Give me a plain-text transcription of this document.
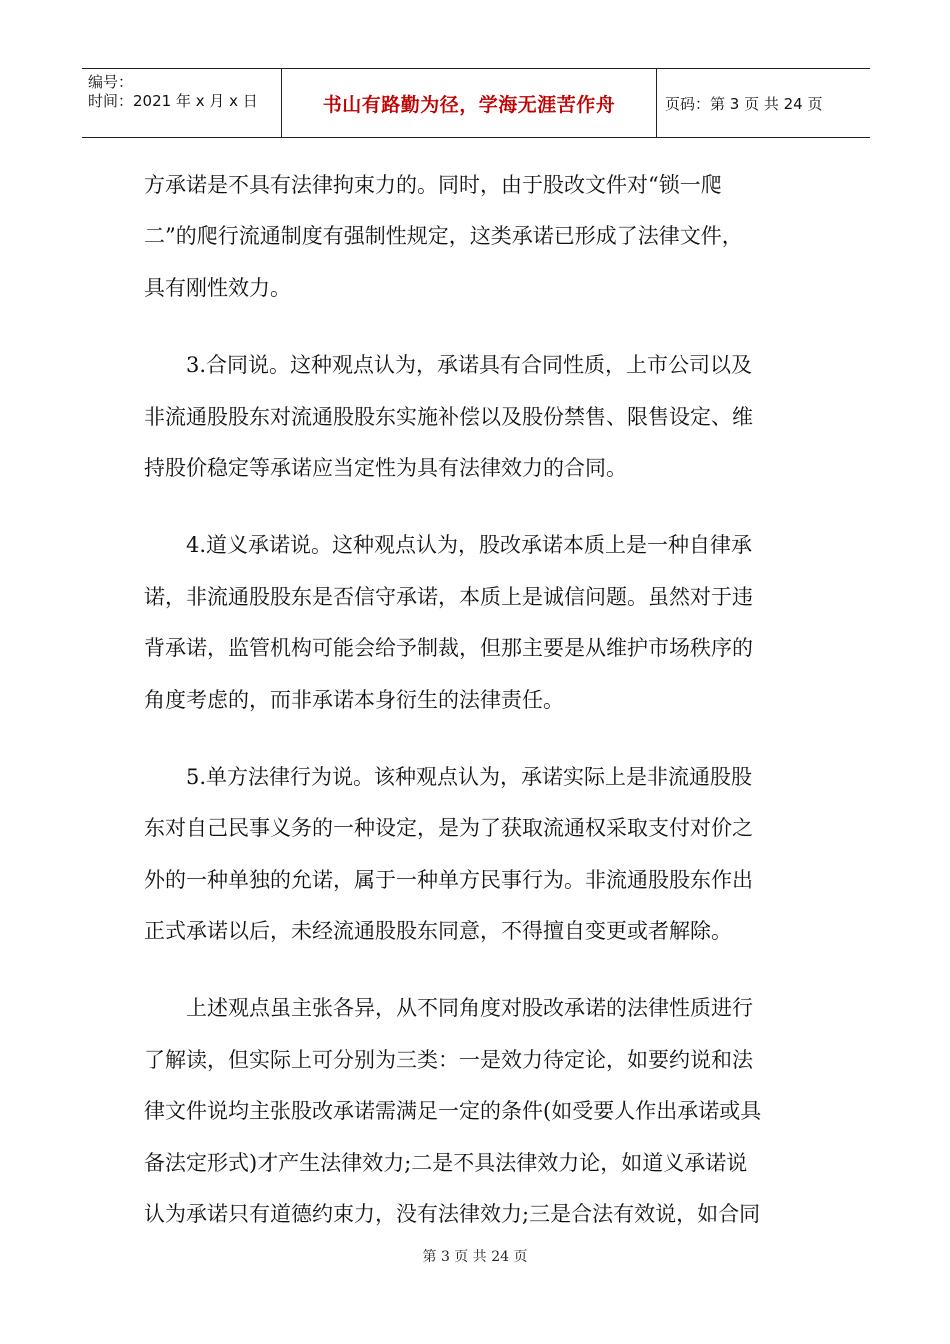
编号：
时间：2021 年 x 月 x 日	书山有路勤为径，学海无涯苦作舟	页码：第 3 页 共 24 页
方承诺是不具有法律拘束力的。同时，由于股改文件对“锁一爬
二”的爬行流通制度有强制性规定，这类承诺已形成了法律文件，
具有刚性效力。
3.合同说。这种观点认为，承诺具有合同性质，上市公司以及
非流通股股东对流通股股东实施补偿以及股份禁售、限售设定、维
持股价稳定等承诺应当定性为具有法律效力的合同。
4.道义承诺说。这种观点认为，股改承诺本质上是一种自律承
诺，非流通股股东是否信守承诺，本质上是诚信问题。虽然对于违
背承诺，监管机构可能会给予制裁，但那主要是从维护市场秩序的
角度考虑的，而非承诺本身衍生的法律责任。
5.单方法律行为说。该种观点认为，承诺实际上是非流通股股
东对自己民事义务的一种设定，是为了获取流通权采取支付对价之
外的一种单独的允诺，属于一种单方民事行为。非流通股股东作出
正式承诺以后，未经流通股股东同意，不得擅自变更或者解除。
上述观点虽主张各异，从不同角度对股改承诺的法律性质进行
了解读，但实际上可分别为三类：一是效力待定论，如要约说和法
律文件说均主张股改承诺需满足一定的条件(如受要人作出承诺或具
备法定形式)才产生法律效力;二是不具法律效力论，如道义承诺说
认为承诺只有道德约束力，没有法律效力;三是合法有效说，如合同
第 3 页 共 24 页
